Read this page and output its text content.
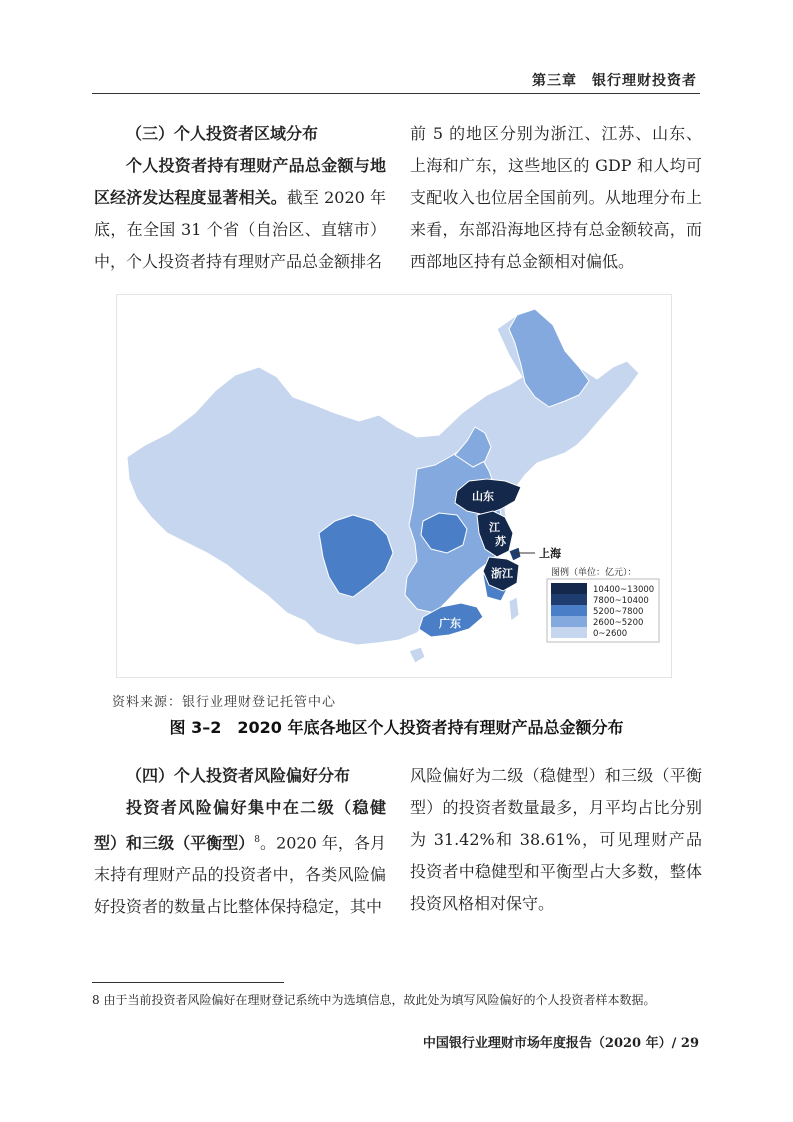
第三章　银行理财投资者

（三）个人投资者区域分布

个人投资者持有理财产品总金额与地区经济发达程度显著相关。截至 2020 年底，在全国 31 个省（自治区、直辖市）中，个人投资者持有理财产品总金额排名

前 5 的地区分别为浙江、江苏、山东、上海和广东，这些地区的 GDP 和人均可支配收入也位居全国前列。从地理分布上来看，东部沿海地区持有总金额较高，而西部地区持有总金额相对偏低。

山东
江
苏
上海
浙江
广东
图例（单位：亿元）：
10400~13000
7800~10400
5200~7800
2600~5200
0~2600
资料来源：银行业理财登记托管中心
图 3–2　2020 年底各地区个人投资者持有理财产品总金额分布

（四）个人投资者风险偏好分布

投资者风险偏好集中在二级（稳健型）和三级（平衡型）$^8$。2020 年，各月末持有理财产品的投资者中，各类风险偏好投资者的数量占比整体保持稳定，其中

风险偏好为二级（稳健型）和三级（平衡型）的投资者数量最多，月平均占比分别为 31.42%和 38.61%，可见理财产品投资者中稳健型和平衡型占大多数，整体投资风格相对保守。

8 由于当前投资者风险偏好在理财登记系统中为选填信息，故此处为填写风险偏好的个人投资者样本数据。
中国银行业理财市场年度报告（2020 年）/ 29
